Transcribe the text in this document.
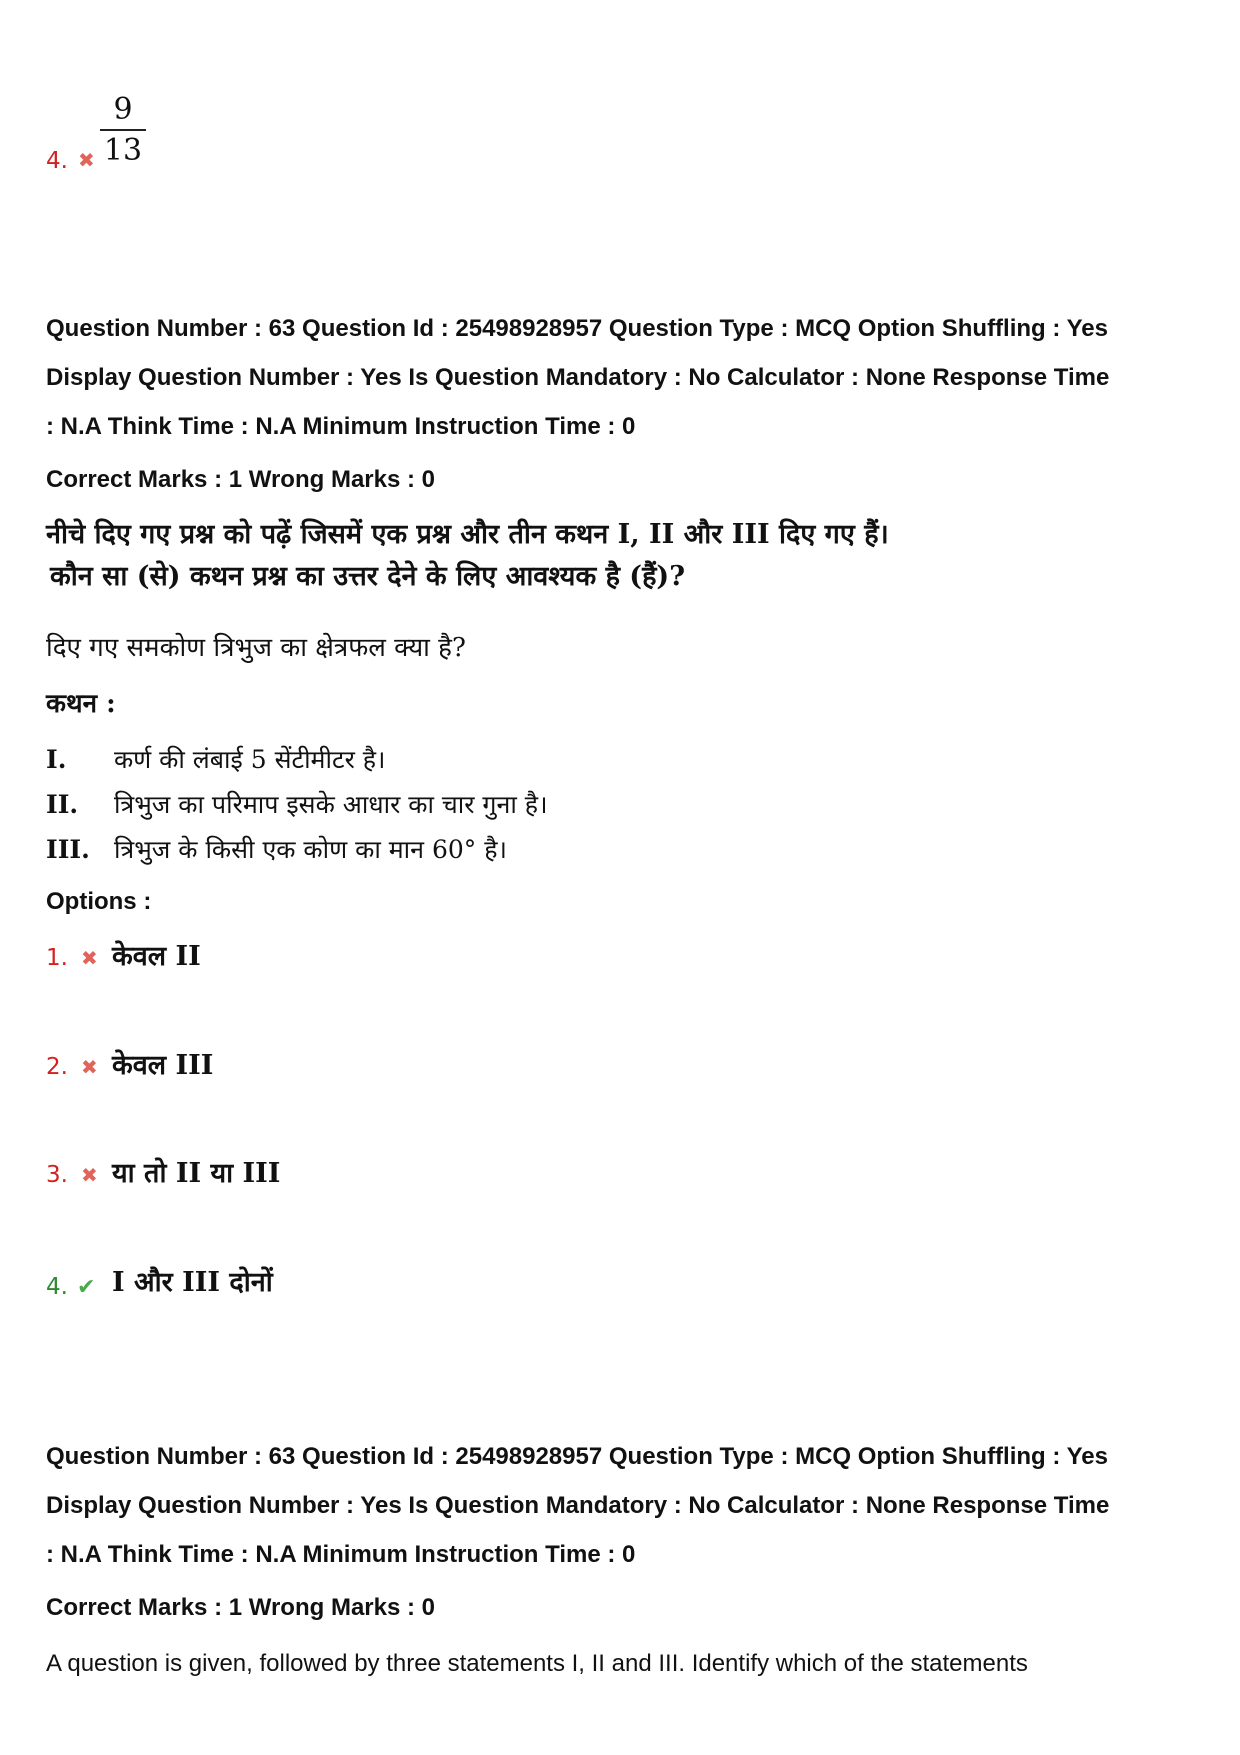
4. ✖
9
13
Question Number : 63 Question Id : 25498928957 Question Type : MCQ Option Shuffling : Yes
Display Question Number : Yes Is Question Mandatory : No Calculator : None Response Time
: N.A Think Time : N.A Minimum Instruction Time : 0
Correct Marks : 1 Wrong Marks : 0
नीचे दिए गए प्रश्न को पढ़ें जिसमें एक प्रश्न और तीन कथन I, II और III दिए गए हैं।
कौन सा (से) कथन प्रश्न का उत्तर देने के लिए आवश्यक है (हैं)?
दिए गए समकोण त्रिभुज का क्षेत्रफल क्या है?
कथन :
I. कर्ण की लंबाई 5 सेंटीमीटर है।
II. त्रिभुज का परिमाप इसके आधार का चार गुना है।
III. त्रिभुज के किसी एक कोण का मान 60° है।
Options :
1. ✖ केवल II
2. ✖ केवल III
3. ✖ या तो II या III
4. ✔ I और III दोनों
Question Number : 63 Question Id : 25498928957 Question Type : MCQ Option Shuffling : Yes
Display Question Number : Yes Is Question Mandatory : No Calculator : None Response Time
: N.A Think Time : N.A Minimum Instruction Time : 0
Correct Marks : 1 Wrong Marks : 0
A question is given, followed by three statements I, II and III. Identify which of the statements
